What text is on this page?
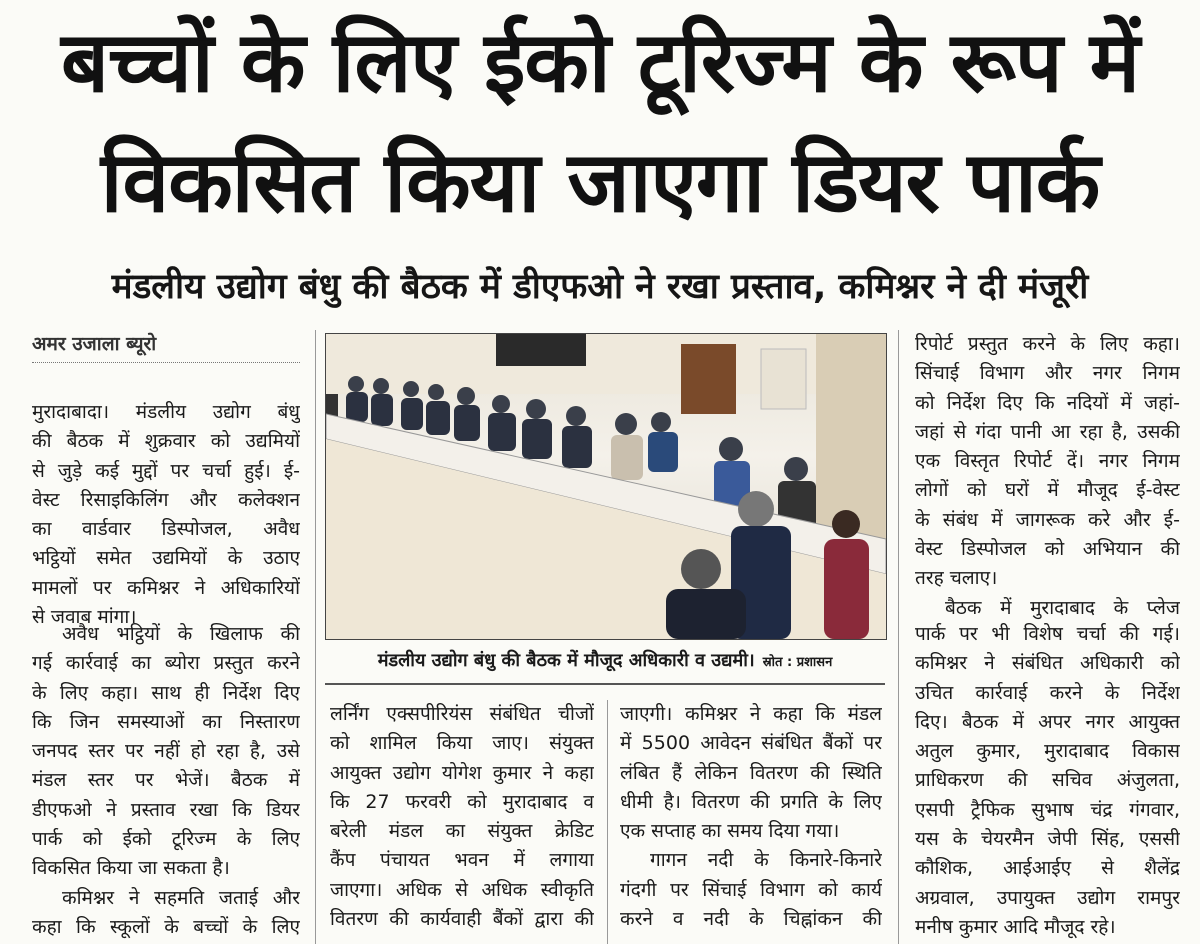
बच्चों के लिए ईको टूरिज्म के रूप में
विकसित किया जाएगा डियर पार्क
मंडलीय उद्योग बंधु की बैठक में डीएफओ ने रखा प्रस्ताव, कमिश्नर ने दी मंजूरी
अमर उजाला ब्यूरो
मुरादाबादा। मंडलीय उद्योग बंधु
की बैठक में शुक्रवार को उद्यमियों
से जुड़े कई मुद्दों पर चर्चा हुई। ई-
वेस्ट रिसाइकिलिंग और कलेक्शन
का वार्डवार डिस्पोजल, अवैध
भट्ठियों समेत उद्यमियों के उठाए
मामलों पर कमिश्नर ने अधिकारियों
से जवाब मांगा।
अवैध भट्ठियों के खिलाफ की
गई कार्रवाई का ब्योरा प्रस्तुत करने
के लिए कहा। साथ ही निर्देश दिए
कि जिन समस्याओं का निस्तारण
जनपद स्तर पर नहीं हो रहा है, उसे
मंडल स्तर पर भेजें। बैठक में
डीएफओ ने प्रस्ताव रखा कि डियर
पार्क को ईको टूरिज्म के लिए
विकसित किया जा सकता है।
कमिश्नर ने सहमति जताई और
कहा कि स्कूलों के बच्चों के लिए
मंडलीय उद्योग बंधु की बैठक में मौजूद अधिकारी व उद्यमी। स्रोत : प्रशासन
लर्निंग एक्सपीरियंस संबंधित चीजों
को शामिल किया जाए। संयुक्त
आयुक्त उद्योग योगेश कुमार ने कहा
कि 27 फरवरी को मुरादाबाद व
बरेली मंडल का संयुक्त क्रेडिट
कैंप पंचायत भवन में लगाया
जाएगा। अधिक से अधिक स्वीकृति
वितरण की कार्यवाही बैंकों द्वारा की
जाएगी। कमिश्नर ने कहा कि मंडल
में 5500 आवेदन संबंधित बैंकों पर
लंबित हैं लेकिन वितरण की स्थिति
धीमी है। वितरण की प्रगति के लिए
एक सप्ताह का समय दिया गया।
गागन नदी के किनारे-किनारे
गंदगी पर सिंचाई विभाग को कार्य
करने व नदी के चिह्नांकन की
रिपोर्ट प्रस्तुत करने के लिए कहा।
सिंचाई विभाग और नगर निगम
को निर्देश दिए कि नदियों में जहां-
जहां से गंदा पानी आ रहा है, उसकी
एक विस्तृत रिपोर्ट दें। नगर निगम
लोगों को घरों में मौजूद ई-वेस्ट
के संबंध में जागरूक करे और ई-
वेस्ट डिस्पोजल को अभियान की
तरह चलाए।
बैठक में मुरादाबाद के प्लेज
पार्क पर भी विशेष चर्चा की गई।
कमिश्नर ने संबंधित अधिकारी को
उचित कार्रवाई करने के निर्देश
दिए। बैठक में अपर नगर आयुक्त
अतुल कुमार, मुरादाबाद विकास
प्राधिकरण की सचिव अंजुलता,
एसपी ट्रैफिक सुभाष चंद्र गंगवार,
यस के चेयरमैन जेपी सिंह, एससी
कौशिक, आईआईए से शैलेंद्र
अग्रवाल, उपायुक्त उद्योग रामपुर
मनीष कुमार आदि मौजूद रहे।
